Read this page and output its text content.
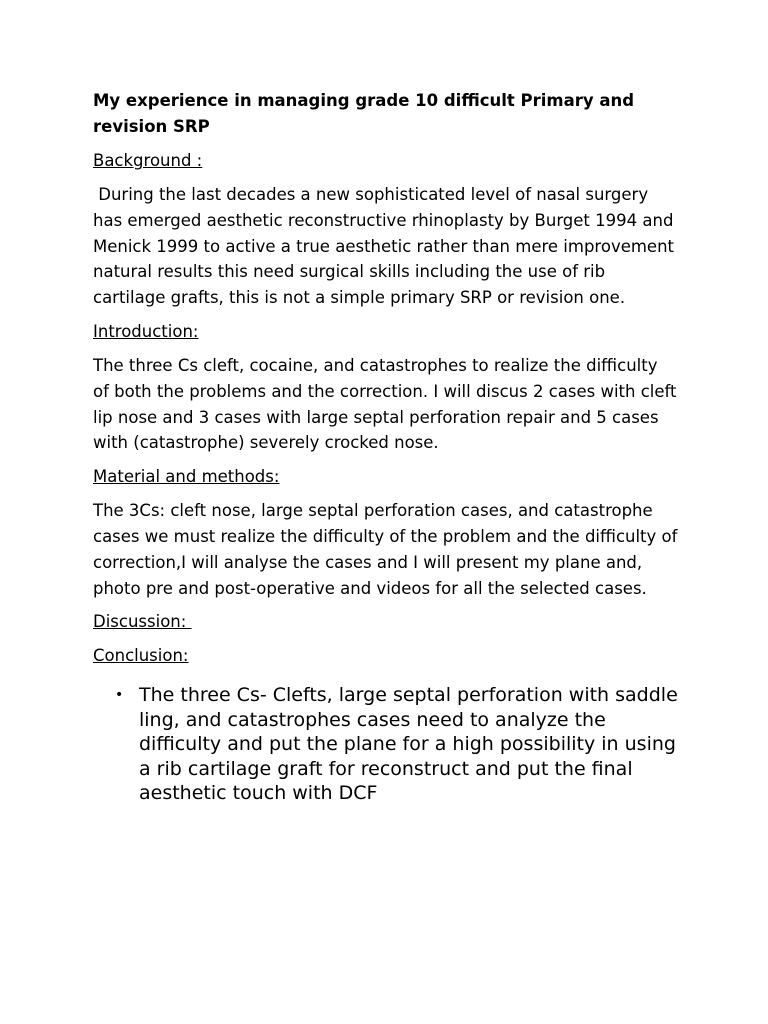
My experience in managing grade 10 difficult Primary and revision SRP

Background :

During the last decades a new sophisticated level of nasal surgery has emerged aesthetic reconstructive rhinoplasty by Burget 1994 and Menick 1999 to active a true aesthetic rather than mere improvement natural results this need surgical skills including the use of rib cartilage grafts, this is not a simple primary SRP or revision one.

Introduction:

The three Cs cleft, cocaine, and catastrophes to realize the difficulty of both the problems and the correction. I will discus 2 cases with cleft lip nose and 3 cases with large septal perforation repair and 5 cases with (catastrophe) severely crocked nose.

Material and methods:

The 3Cs: cleft nose, large septal perforation cases, and catastrophe cases we must realize the difficulty of the problem and the difficulty of correction,I will analyse the cases and I will present my plane and, photo pre and post-operative and videos for all the selected cases.

Discussion:

Conclusion:

• The three Cs- Clefts, large septal perforation with saddle ling, and catastrophes cases need to analyze the difficulty and put the plane for a high possibility in using a rib cartilage graft for reconstruct and put the final aesthetic touch with DCF
